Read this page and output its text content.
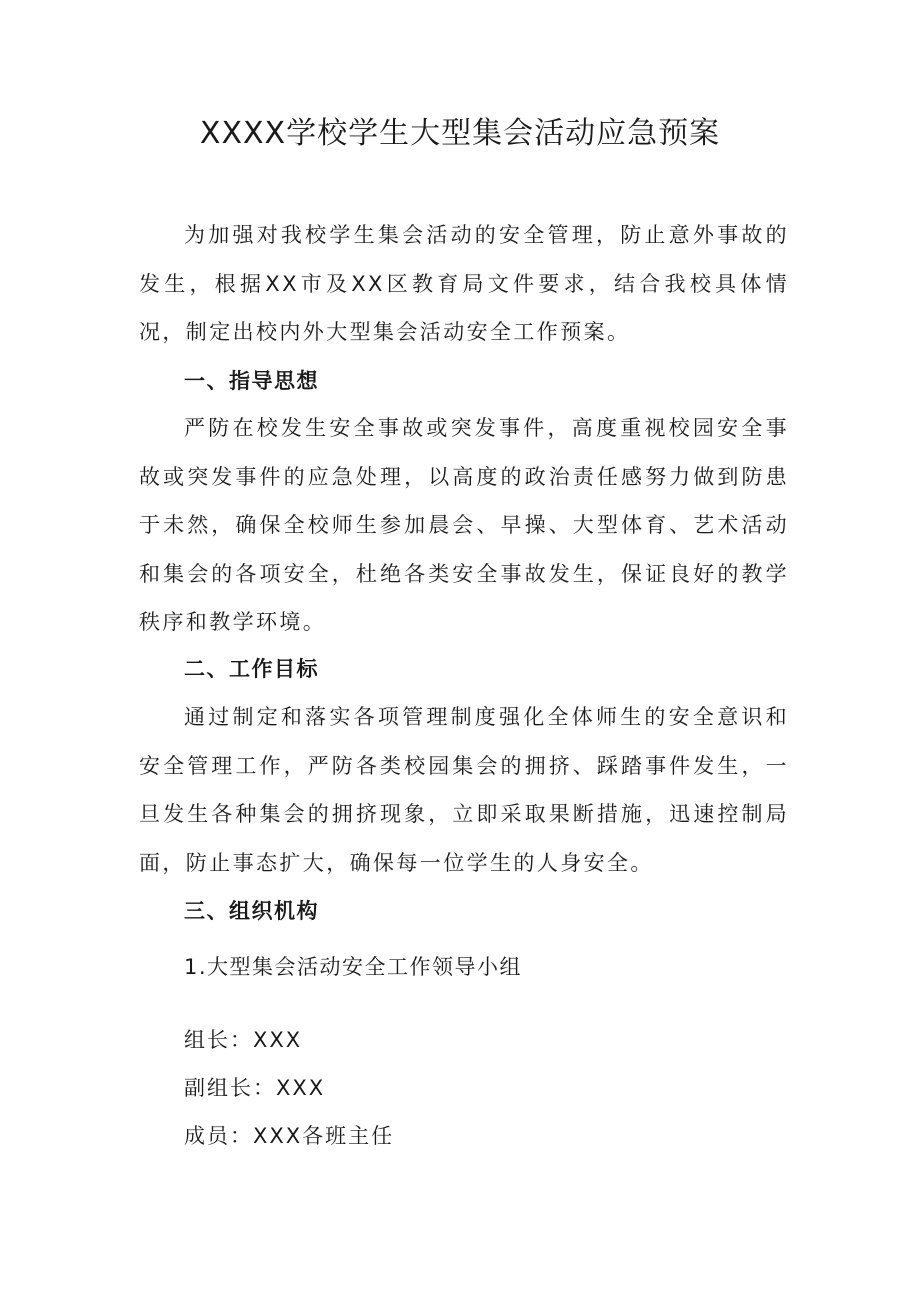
XXXX学校学生大型集会活动应急预案

为加强对我校学生集会活动的安全管理，防止意外事故的发生，根据XX市及XX区教育局文件要求，结合我校具体情况，制定出校内外大型集会活动安全工作预案。

一、指导思想

严防在校发生安全事故或突发事件，高度重视校园安全事故或突发事件的应急处理，以高度的政治责任感努力做到防患于未然，确保全校师生参加晨会、早操、大型体育、艺术活动和集会的各项安全，杜绝各类安全事故发生，保证良好的教学秩序和教学环境。

二、工作目标

通过制定和落实各项管理制度强化全体师生的安全意识和安全管理工作，严防各类校园集会的拥挤、踩踏事件发生，一旦发生各种集会的拥挤现象，立即采取果断措施，迅速控制局面，防止事态扩大，确保每一位学生的人身安全。

三、组织机构

1.大型集会活动安全工作领导小组

组长：XXX

副组长：XXX

成员：XXX各班主任
